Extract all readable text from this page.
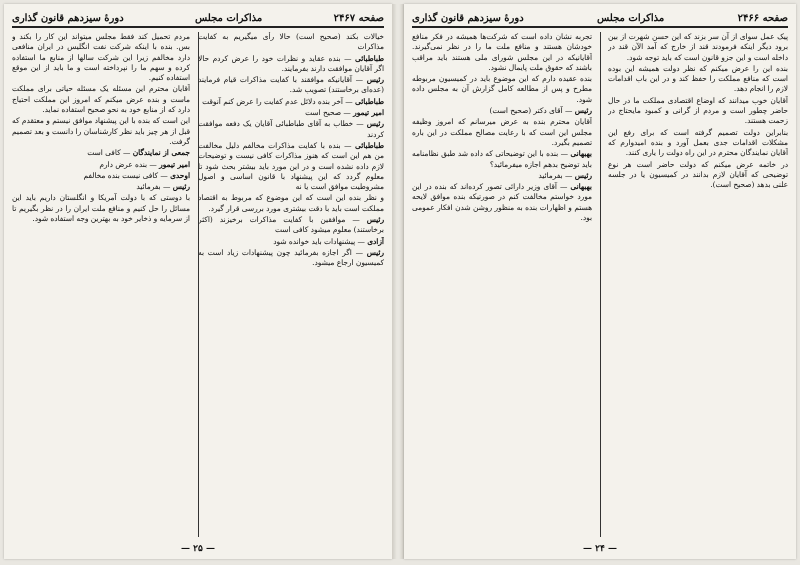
صفحه ۲۴۶۷
مذاکرات مجلس
دورهٔ سیزدهم قانون گذاری

خیالات بکند (صحیح است) حالا رأی میگیریم به کفایت مذاکرات

طباطبائی — بنده عقاید و نظرات خود را عرض کردم حالا اگر آقایان موافقت دارند بفرمایند.

رئیس — آقایانیکه موافقند با کفایت مذاکرات قیام فرمایند (عده‌ای برخاستند) تصویب شد.

طباطبائی — آخر بنده دلائل عدم کفایت را عرض کنم آنوقت

امیر تیمور — صحیح است

رئیس — خطاب به آقای طباطبائی آقایان یک دفعه موافقت کردند

طباطبائی — بنده با کفایت مذاکرات مخالفم دلیل مخالفت من هم این است که هنوز مذاکرات کافی نیست و توضیحات لازم داده نشده است و در این مورد باید بیشتر بحث شود تا معلوم گردد که این پیشنهاد با قانون اساسی و اصول مشروطیت موافق است یا نه

و نظر بنده این است که این موضوع که مربوط به اقتصاد مملکت است باید با دقت بیشتری مورد بررسی قرار گیرد.

رئیس — موافقین با کفایت مذاکرات برخیزند (اکثر برخاستند) معلوم میشود کافی است

آزادی — پیشنهادات باید خوانده شود

رئیس — اگر اجازه بفرمائید چون پیشنهادات زیاد است به کمیسیون ارجاع میشود.

مردم تحمیل کند فقط مجلس میتواند این کار را بکند و بس. بنده با اینکه شرکت نفت انگلیس در ایران منافعی دارد مخالفم زیرا این شرکت سالها از منابع ما استفاده کرده و سهم ما را نپرداخته است و ما باید از این موقع استفاده کنیم.

آقایان محترم این مسئله یک مسئله حیاتی برای مملکت ماست و بنده عرض میکنم که امروز این مملکت احتیاج دارد که از منابع خود به نحو صحیح استفاده نماید.

این است که بنده با این پیشنهاد موافق نیستم و معتقدم که قبل از هر چیز باید نظر کارشناسان را دانست و بعد تصمیم گرفت.

جمعی از نمایندگان — کافی است

امیر تیمور — بنده عرض دارم

اوحدی — کافی نیست بنده مخالفم

رئیس — بفرمائید

با دوستی که با دولت آمریکا و انگلستان داریم باید این مسائل را حل کنیم و منافع ملت ایران را در نظر بگیریم تا از سرمایه و ذخایر خود به بهترین وجه استفاده شود.

— ۲۵ —
صفحه ۲۴۶۶
مذاکرات مجلس
دورهٔ سیزدهم قانون گذاری

پیک عمل سوای از آن سر بزند که این حسن شهرت از بین برود دیگر اینکه فرمودند قند از خارج که آمد الآن قند در داخله است و این جزو قانون است که باید توجه شود.

بنده این را عرض میکنم که نظر دولت همیشه این بوده است که منافع مملکت را حفظ کند و در این باب اقدامات لازم را انجام دهد.

آقایان خوب میدانند که اوضاع اقتصادی مملکت ما در حال حاضر چطور است و مردم از گرانی و کمبود مایحتاج در زحمت هستند.

بنابراین دولت تصمیم گرفته است که برای رفع این مشکلات اقدامات جدی بعمل آورد و بنده امیدوارم که آقایان نمایندگان محترم در این راه دولت را یاری کنند.

در خاتمه عرض میکنم که دولت حاضر است هر نوع توضیحی که آقایان لازم بدانند در کمیسیون یا در جلسه علنی بدهد (صحیح است).

تجربه نشان داده است که شرکت‌ها همیشه در فکر منافع خودشان هستند و منافع ملت ما را در نظر نمی‌گیرند. آقایانیکه در این مجلس شورای ملی هستند باید مراقب باشند که حقوق ملت پایمال نشود.

بنده عقیده دارم که این موضوع باید در کمیسیون مربوطه مطرح و پس از مطالعه کامل گزارش آن به مجلس داده شود.

رئیس — آقای دکتر (صحیح است)

آقایان محترم بنده به عرض میرسانم که امروز وظیفه مجلس این است که با رعایت مصالح مملکت در این باره تصمیم بگیرد.

بهبهانی — بنده با این توضیحاتی که داده شد طبق نظامنامه باید توضیح بدهم اجازه میفرمائید؟

رئیس — بفرمائید

بهبهانی — آقای وزیر دارائی تصور کرده‌اند که بنده در این مورد خواستم مخالفت کنم در صورتیکه بنده موافق لایحه هستم و اظهارات بنده به منظور روشن شدن افکار عمومی بود.

— ۲۴ —
